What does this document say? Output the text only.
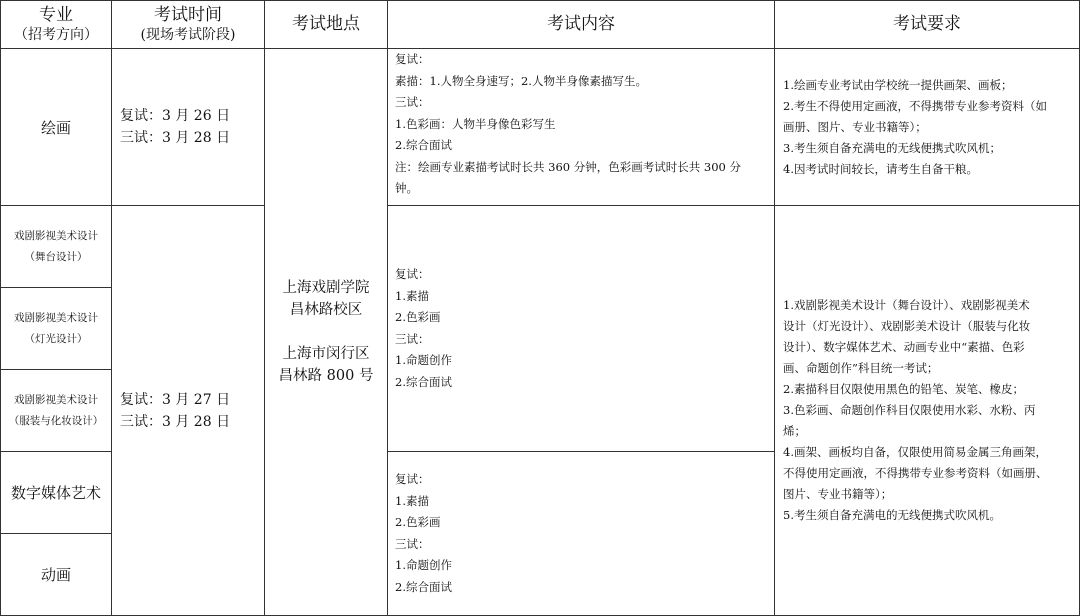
专业
（招考方向）
考试时间
(现场考试阶段)
考试地点	考试内容	考试要求
绘画
戏剧影视美术设计
（舞台设计）
戏剧影视美术设计
（灯光设计）
戏剧影视美术设计
（服装与化妆设计）
数字媒体艺术
动画
复试：3 月 26 日
三试：3 月 28 日
复试：3 月 27 日
三试：3 月 28 日
上海戏剧学院
昌林路校区
上海市闵行区
昌林路 800 号
复试：
素描：1.人物全身速写；2.人物半身像素描写生。
三试：
1.色彩画：人物半身像色彩写生
2.综合面试
注：绘画专业素描考试时长共 360 分钟，色彩画考试时长共 300 分
钟。
复试：
1.素描
2.色彩画
三试：
1.命题创作
2.综合面试
复试：
1.素描
2.色彩画
三试：
1.命题创作
2.综合面试
1.绘画专业考试由学校统一提供画架、画板；
2.考生不得使用定画液，不得携带专业参考资料（如
画册、图片、专业书籍等）；
3.考生须自备充满电的无线便携式吹风机；
4.因考试时间较长，请考生自备干粮。
1.戏剧影视美术设计（舞台设计）、戏剧影视美术
设计（灯光设计）、戏剧影美术设计（服装与化妆
设计）、数字媒体艺术、动画专业中“素描、色彩
画、命题创作”科目统一考试；
2.素描科目仅限使用黑色的铅笔、炭笔、橡皮；
3.色彩画、命题创作科目仅限使用水彩、水粉、丙
烯；
4.画架、画板均自备，仅限使用简易金属三角画架，
不得使用定画液，不得携带专业参考资料（如画册、
图片、专业书籍等）；
5.考生须自备充满电的无线便携式吹风机。
